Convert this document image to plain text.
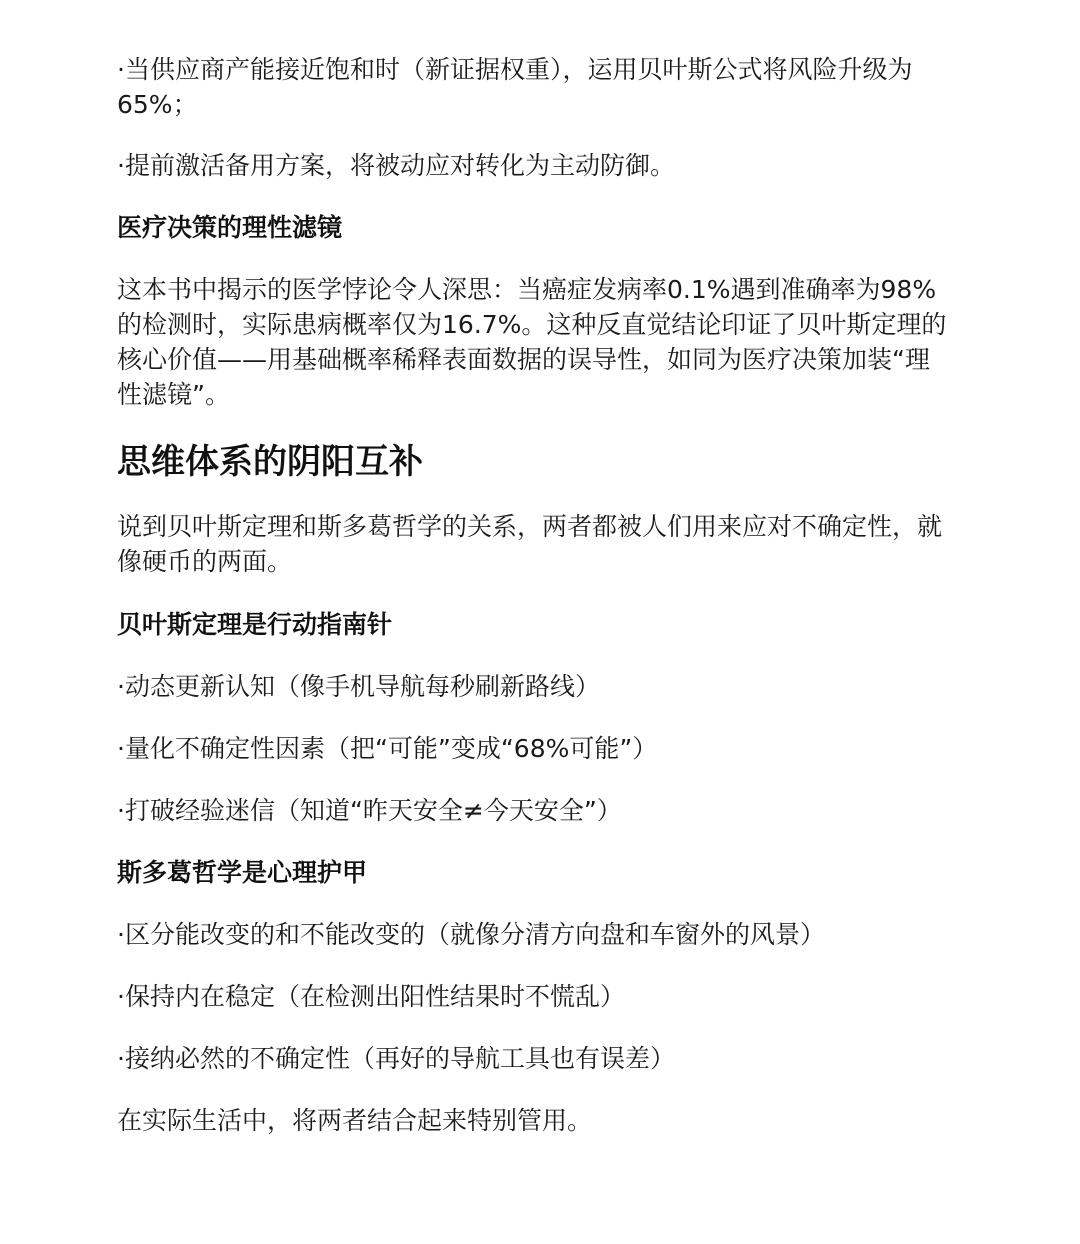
·当供应商产能接近饱和时（新证据权重），运用贝叶斯公式将风险升级为65%；

·提前激活备用方案，将被动应对转化为主动防御。

医疗决策的理性滤镜

这本书中揭示的医学悖论令人深思：当癌症发病率0.1%遇到准确率为98%的检测时，实际患病概率仅为16.7%。这种反直觉结论印证了贝叶斯定理的核心价值——用基础概率稀释表面数据的误导性，如同为医疗决策加装“理性滤镜”。

思维体系的阴阳互补

说到贝叶斯定理和斯多葛哲学的关系，两者都被人们用来应对不确定性，就像硬币的两面。

贝叶斯定理是行动指南针

·动态更新认知（像手机导航每秒刷新路线）

·量化不确定性因素（把“可能”变成“68%可能”）

·打破经验迷信（知道“昨天安全≠今天安全”）

斯多葛哲学是心理护甲

·区分能改变的和不能改变的（就像分清方向盘和车窗外的风景）

·保持内在稳定（在检测出阳性结果时不慌乱）

·接纳必然的不确定性（再好的导航工具也有误差）

在实际生活中，将两者结合起来特别管用。
